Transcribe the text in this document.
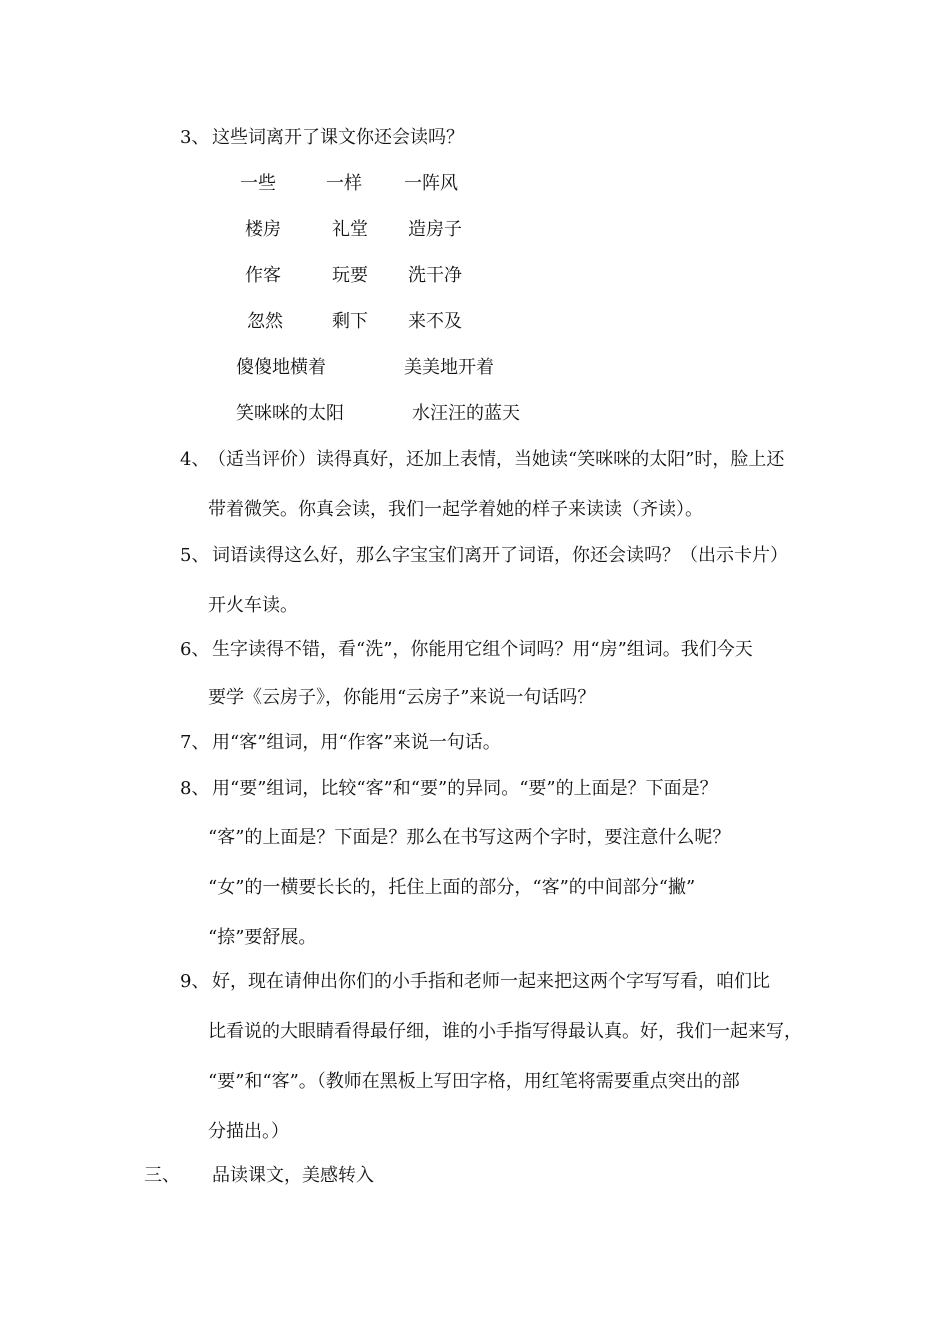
3、 这些词离开了课文你还会读吗？
一些	一样 一阵风
楼房	礼堂 造房子
作客	玩要 洗干净
忽然	剩下 来不及
傻傻地横着	美美地开着
笑咪咪的太阳	水汪汪的蓝天
4、
（适当评价）读得真好，还加上表情，当她读“笑咪咪的太阳”时，脸上还
带着微笑。你真会读，我们一起学着她的样子来读读（齐读）。
5、 词语读得这么好，那么字宝宝们离开了词语，你还会读吗？（出示卡片）
开火车读。
6、 生字读得不错，看“洗”，你能用它组个词吗？用“房”组词。我们今天
要学《云房子》，你能用“云房子”来说一句话吗？
7、 用“客”组词，用“作客”来说一句话。
8、 用“要”组词，比较“客”和“要”的异同。“要”的上面是？下面是？
“客”的上面是？下面是？那么在书写这两个字时，要注意什么呢？
“女”的一横要长长的，托住上面的部分，“客”的中间部分“撇”
“捺”要舒展。
9、 好，现在请伸出你们的小手指和老师一起来把这两个字写写看，咱们比
比看说的大眼睛看得最仔细，谁的小手指写得最认真。好，我们一起来写，
“要”和“客”。（教师在黑板上写田字格，用红笔将需要重点突出的部
分描出。）
三、 品读课文，美感转入
